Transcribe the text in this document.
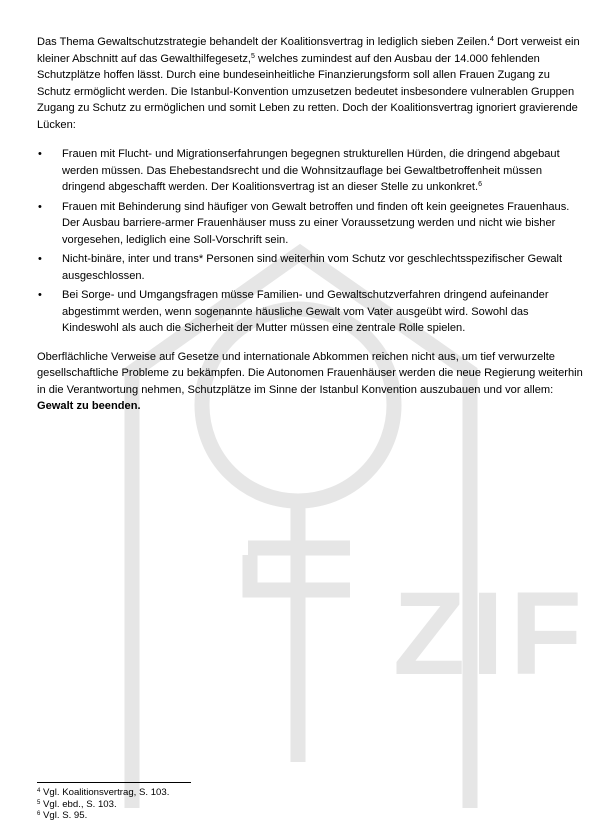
ZIF

Das Thema Gewaltschutzstrategie behandelt der Koalitionsvertrag in lediglich sieben Zeilen.$^4$ Dort verweist ein kleiner Abschnitt auf das Gewalthilfegesetz,$^5$ welches zumindest auf den Ausbau der 14.000 fehlenden Schutzplätze hoffen lässt. Durch eine bundeseinheitliche Finanzierungsform soll allen Frauen Zugang zu Schutz ermöglicht werden. Die Istanbul-Konvention umzusetzen bedeutet insbesondere vulnerablen Gruppen Zugang zu Schutz zu ermöglichen und somit Leben zu retten. Doch der Koalitionsvertrag ignoriert gravierende Lücken:

• Frauen mit Flucht- und Migrationserfahrungen begegnen strukturellen Hürden, die dringend abgebaut werden müssen. Das Ehebestandsrecht und die Wohnsitzauflage bei Gewaltbetroffenheit müssen dringend abgeschafft werden. Der Koalitionsvertrag ist an dieser Stelle zu unkonkret.$^6$
• Frauen mit Behinderung sind häufiger von Gewalt betroffen und finden oft kein geeignetes Frauenhaus. Der Ausbau barriere-armer Frauenhäuser muss zu einer Voraussetzung werden und nicht wie bisher vorgesehen, lediglich eine Soll-Vorschrift sein.
• Nicht-binäre, inter und trans* Personen sind weiterhin vom Schutz vor geschlechtsspezifischer Gewalt ausgeschlossen.
• Bei Sorge- und Umgangsfragen müsse Familien- und Gewaltschutzverfahren dringend aufeinander abgestimmt werden, wenn sogenannte häusliche Gewalt vom Vater ausgeübt wird. Sowohl das Kindeswohl als auch die Sicherheit der Mutter müssen eine zentrale Rolle spielen.

Oberflächliche Verweise auf Gesetze und internationale Abkommen reichen nicht aus, um tief verwurzelte gesellschaftliche Probleme zu bekämpfen. Die Autonomen Frauenhäuser werden die neue Regierung weiterhin in die Verantwortung nehmen, Schutzplätze im Sinne der Istanbul Konvention auszubauen und vor allem: Gewalt zu beenden.

$^4$ Vgl. Koalitionsvertrag, S. 103.
$^5$ Vgl. ebd., S. 103.
$^6$ Vgl. S. 95.
